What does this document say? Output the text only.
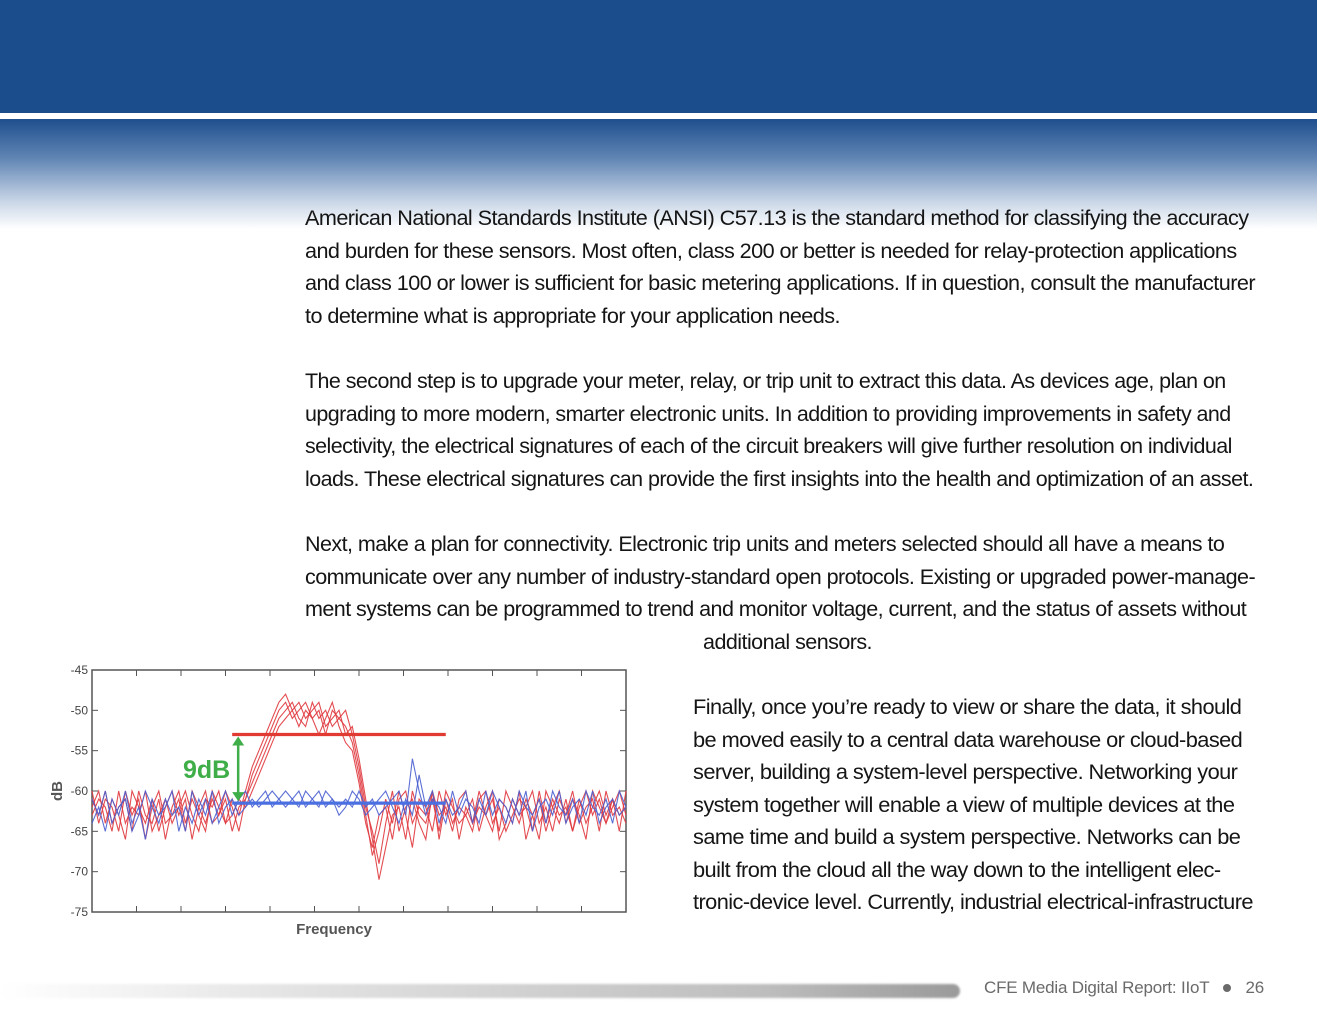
American National Standards Institute (ANSI) C57.13 is the standard method for classifying the accuracy
and burden for these sensors. Most often, class 200 or better is needed for relay-protection applications
and class 100 or lower is sufficient for basic metering applications. If in question, consult the manufacturer
to determine what is appropriate for your application needs.
The second step is to upgrade your meter, relay, or trip unit to extract this data. As devices age, plan on
upgrading to more modern, smarter electronic units. In addition to providing improvements in safety and
selectivity, the electrical signatures of each of the circuit breakers will give further resolution on individual
loads. These electrical signatures can provide the first insights into the health and optimization of an asset.
Next, make a plan for connectivity. Electronic trip units and meters selected should all have a means to
communicate over any number of industry-standard open protocols. Existing or upgraded power-manage-
ment systems can be programmed to trend and monitor voltage, current, and the status of assets without
additional sensors.
Finally, once you’re ready to view or share the data, it should
be moved easily to a central data warehouse or cloud-based
server, building a system-level perspective. Networking your
system together will enable a view of multiple devices at the
same time and build a system perspective. Networks can be
built from the cloud all the way down to the intelligent elec-
tronic-device level. Currently, industrial electrical-infrastructure
-45
-50
-55
-60
-65
-70
-75
9dB
Frequency
dB
CFE Media Digital Report: IIoT 26
